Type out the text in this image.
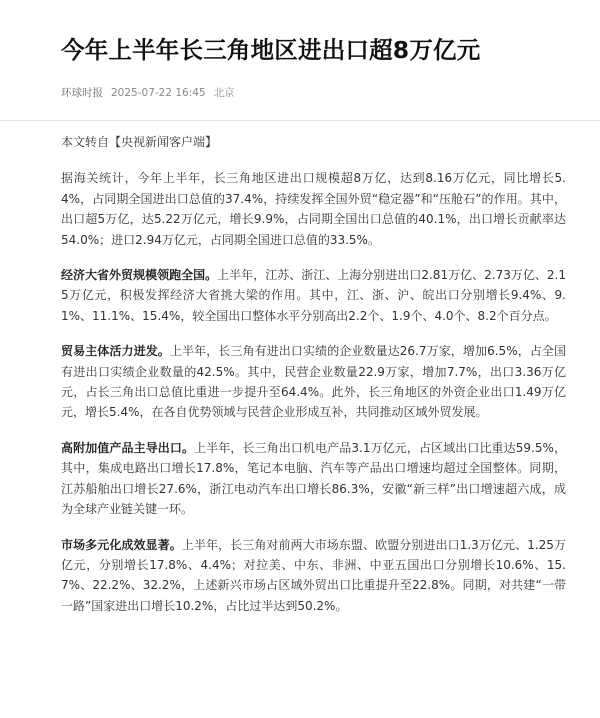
今年上半年长三角地区进出口超8万亿元
环球时报 2025-07-22 16:45 北京

本文转自【央视新闻客户端】

据海关统计，今年上半年，长三角地区进出口规模超8万亿，达到8.16万亿元，同比增长5.4%，占同期全国进出口总值的37.4%，持续发挥全国外贸“稳定器”和“压舱石”的作用。其中，出口超5万亿，达5.22万亿元，增长9.9%，占同期全国出口总值的40.1%，出口增长贡献率达54.0%；进口2.94万亿元，占同期全国进口总值的33.5%。

经济大省外贸规模领跑全国。上半年，江苏、浙江、上海分别进出口2.81万亿、2.73万亿、2.15万亿元，积极发挥经济大省挑大梁的作用。其中，江、浙、沪、皖出口分别增长9.4%、9.1%、11.1%、15.4%，较全国出口整体水平分别高出2.2个、1.9个、4.0个、8.2个百分点。

贸易主体活力迸发。上半年，长三角有进出口实绩的企业数量达26.7万家，增加6.5%，占全国有进出口实绩企业数量的42.5%。其中，民营企业数量22.9万家，增加7.7%，出口3.36万亿元，占长三角出口总值比重进一步提升至64.4%。此外，长三角地区的外资企业出口1.49万亿元，增长5.4%，在各自优势领域与民营企业形成互补，共同推动区域外贸发展。

高附加值产品主导出口。上半年，长三角出口机电产品3.1万亿元，占区域出口比重达59.5%，其中，集成电路出口增长17.8%，笔记本电脑、汽车等产品出口增速均超过全国整体。同期，江苏船舶出口增长27.6%，浙江电动汽车出口增长86.3%，安徽“新三样”出口增速超六成，成为全球产业链关键一环。

市场多元化成效显著。上半年，长三角对前两大市场东盟、欧盟分别进出口1.3万亿元、1.25万亿元，分别增长17.8%、4.4%；对拉美、中东、非洲、中亚五国出口分别增长10.6%、15.7%、22.2%、32.2%，上述新兴市场占区域外贸出口比重提升至22.8%。同期，对共建“一带一路”国家进出口增长10.2%，占比过半达到50.2%。
